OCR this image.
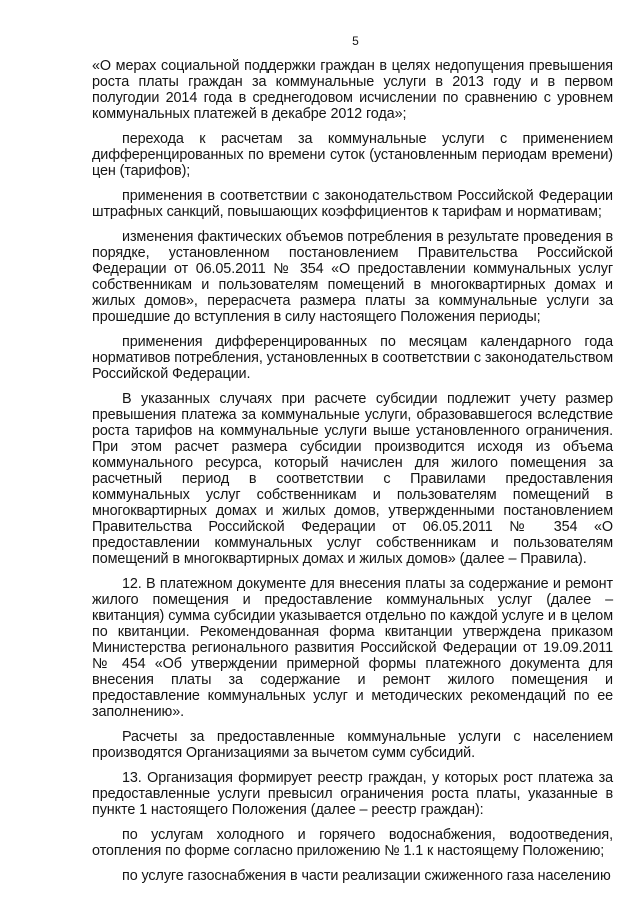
5

«О мерах социальной поддержки граждан в целях недопущения превышения роста платы граждан за коммунальные услуги в 2013 году и в первом полугодии 2014 года в среднегодовом исчислении по сравнению с уровнем коммунальных платежей в декабре 2012 года»;

перехода к расчетам за коммунальные услуги с применением дифференцированных по времени суток (установленным периодам времени) цен (тарифов);

применения в соответствии с законодательством Российской Федерации штрафных санкций, повышающих коэффициентов к тарифам и нормативам;

изменения фактических объемов потребления в результате проведения в порядке, установленном постановлением Правительства Российской Федерации от 06.05.2011 № 354 «О предоставлении коммунальных услуг собственникам и пользователям помещений в многоквартирных домах и жилых домов», перерасчета размера платы за коммунальные услуги за прошедшие до вступления в силу настоящего Положения периоды;

применения дифференцированных по месяцам календарного года нормативов потребления, установленных в соответствии с законодательством Российской Федерации.

В указанных случаях при расчете субсидии подлежит учету размер превышения платежа за коммунальные услуги, образовавшегося вследствие роста тарифов на коммунальные услуги выше установленного ограничения. При этом расчет размера субсидии производится исходя из объема коммунального ресурса, который начислен для жилого помещения за расчетный период в соответствии с Правилами предоставления коммунальных услуг собственникам и пользователям помещений в многоквартирных домах и жилых домов, утвержденными постановлением Правительства Российской Федерации от 06.05.2011 № 354 «О предоставлении коммунальных услуг собственникам и пользователям помещений в многоквартирных домах и жилых домов» (далее – Правила).

12. В платежном документе для внесения платы за содержание и ремонт жилого помещения и предоставление коммунальных услуг (далее – квитанция) сумма субсидии указывается отдельно по каждой услуге и в целом по квитанции. Рекомендованная форма квитанции утверждена приказом Министерства регионального развития Российской Федерации от 19.09.2011 № 454 «Об утверждении примерной формы платежного документа для внесения платы за содержание и ремонт жилого помещения и предоставление коммунальных услуг и методических рекомендаций по ее заполнению».

Расчеты за предоставленные коммунальные услуги с населением производятся Организациями за вычетом сумм субсидий.

13. Организация формирует реестр граждан, у которых рост платежа за предоставленные услуги превысил ограничения роста платы, указанные в пункте 1 настоящего Положения (далее – реестр граждан):

по услугам холодного и горячего водоснабжения, водоотведения, отопления по форме согласно приложению № 1.1 к настоящему Положению;

по услуге газоснабжения в части реализации сжиженного газа населению
